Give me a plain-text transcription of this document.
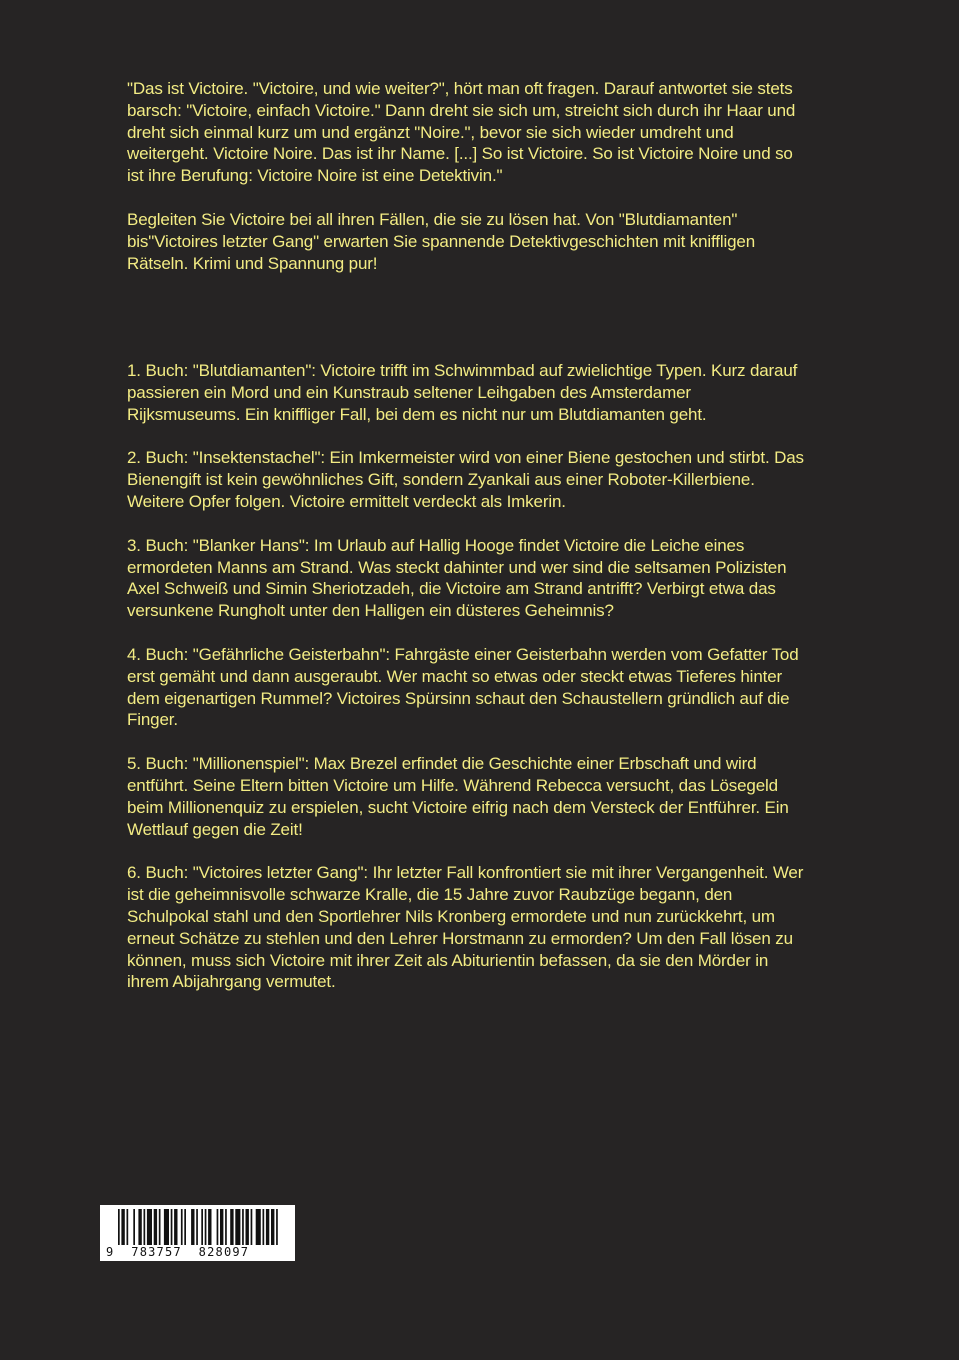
"Das ist Victoire. "Victoire, und wie weiter?", hört man oft fragen. Darauf antwortet sie stets barsch: "Victoire, einfach Victoire." Dann dreht sie sich um, streicht sich durch ihr Haar und dreht sich einmal kurz um und ergänzt "Noire.", bevor sie sich wieder umdreht und weitergeht. Victoire Noire. Das ist ihr Name. [...] So ist Victoire. So ist Victoire Noire und so ist ihre Berufung: Victoire Noire ist eine Detektivin."

Begleiten Sie Victoire bei all ihren Fällen, die sie zu lösen hat. Von "Blutdiamanten" bis"Victoires letzter Gang" erwarten Sie spannende Detektivgeschichten mit kniffligen Rätseln. Krimi und Spannung pur!

1. Buch: "Blutdiamanten": Victoire trifft im Schwimmbad auf zwielichtige Typen. Kurz darauf passieren ein Mord und ein Kunstraub seltener Leihgaben des Amsterdamer Rijksmuseums. Ein kniffliger Fall, bei dem es nicht nur um Blutdiamanten geht.

2. Buch: "Insektenstachel": Ein Imkermeister wird von einer Biene gestochen und stirbt. Das Bienengift ist kein gewöhnliches Gift, sondern Zyankali aus einer Roboter-Killerbiene. Weitere Opfer folgen. Victoire ermittelt verdeckt als Imkerin.

3. Buch: "Blanker Hans": Im Urlaub auf Hallig Hooge findet Victoire die Leiche eines ermordeten Manns am Strand. Was steckt dahinter und wer sind die seltsamen Polizisten Axel Schweiß und Simin Sheriotzadeh, die Victoire am Strand antrifft? Verbirgt etwa das versunkene Rungholt unter den Halligen ein düsteres Geheimnis?

4. Buch: "Gefährliche Geisterbahn": Fahrgäste einer Geisterbahn werden vom Gefatter Tod erst gemäht und dann ausgeraubt. Wer macht so etwas oder steckt etwas Tieferes hinter dem eigenartigen Rummel? Victoires Spürsinn schaut den Schaustellern gründlich auf die Finger.

5. Buch: "Millionenspiel": Max Brezel erfindet die Geschichte einer Erbschaft und wird entführt. Seine Eltern bitten Victoire um Hilfe. Während Rebecca versucht, das Lösegeld beim Millionenquiz zu erspielen, sucht Victoire eifrig nach dem Versteck der Entführer. Ein Wettlauf gegen die Zeit!

6. Buch: "Victoires letzter Gang": Ihr letzter Fall konfrontiert sie mit ihrer Vergangenheit. Wer ist die geheimnisvolle schwarze Kralle, die 15 Jahre zuvor Raubzüge begann, den Schulpokal stahl und den Sportlehrer Nils Kronberg ermordete und nun zurückkehrt, um erneut Schätze zu stehlen und den Lehrer Horstmann zu ermorden? Um den Fall lösen zu können, muss sich Victoire mit ihrer Zeit als Abiturientin befassen, da sie den Mörder in ihrem Abijahrgang vermutet.

9  783757  828097
